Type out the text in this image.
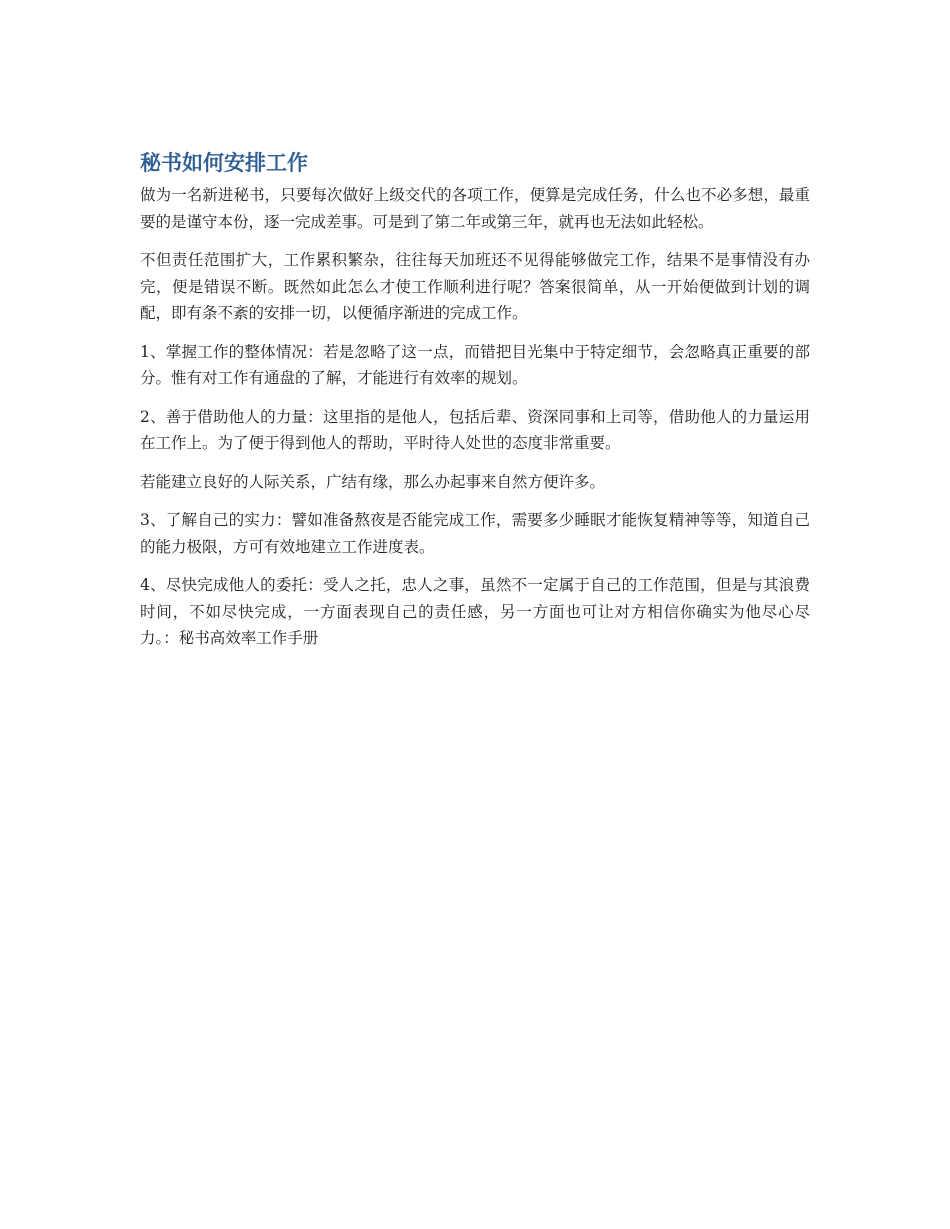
秘书如何安排工作

做为一名新进秘书，只要每次做好上级交代的各项工作，便算是完成任务，什么也不必多想，最重要的是谨守本份，逐一完成差事。可是到了第二年或第三年，就再也无法如此轻松。

不但责任范围扩大，工作累积繁杂，往往每天加班还不见得能够做完工作，结果不是事情没有办完，便是错误不断。既然如此怎么才使工作顺利进行呢？答案很简单，从一开始便做到计划的调配，即有条不紊的安排一切，以便循序渐进的完成工作。

1、掌握工作的整体情况：若是忽略了这一点，而错把目光集中于特定细节，会忽略真正重要的部分。惟有对工作有通盘的了解，才能进行有效率的规划。

2、善于借助他人的力量：这里指的是他人，包括后辈、资深同事和上司等，借助他人的力量运用在工作上。为了便于得到他人的帮助，平时待人处世的态度非常重要。

若能建立良好的人际关系，广结有缘，那么办起事来自然方便许多。

3、了解自己的实力：譬如准备熬夜是否能完成工作，需要多少睡眠才能恢复精神等等，知道自己的能力极限，方可有效地建立工作进度表。

4、尽快完成他人的委托：受人之托，忠人之事，虽然不一定属于自己的工作范围，但是与其浪费时间，不如尽快完成，一方面表现自己的责任感，另一方面也可让对方相信你确实为他尽心尽力。：秘书高效率工作手册
